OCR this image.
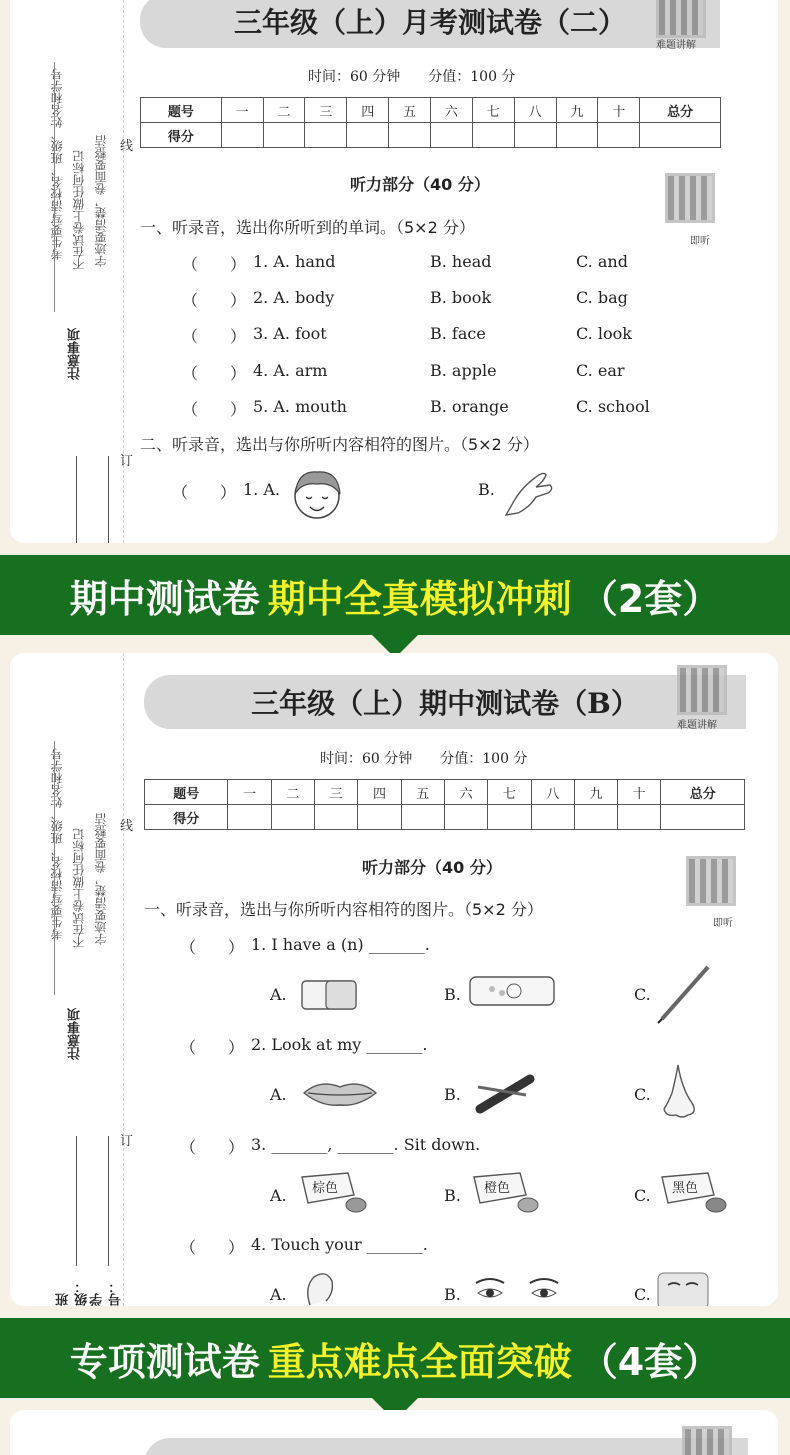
考生要写清校名、班级、姓名和学号 不在试卷上做任何标记 字迹要清楚，卷面要整洁
注意事项
线
订
三年级（上）月考测试卷（二）
难题讲解
时间：60 分钟　　分值：100 分
题号	一	二	三	四	五	六	七	八	九	十	总分
得分											
听力部分（40 分）
即听
一、听录音，选出你所听到的单词。（5×2 分）
（　　） 1. A. hand	B. head	C. and
（　　） 2. A. body	B. book	C. bag
（　　） 3. A. foot	B. face	C. look
（　　） 4. A. arm	B. apple	C. ear
（　　） 5. A. mouth	B. orange	C. school
二、听录音，选出与你所听内容相符的图片。（5×2 分）
（　　） 1. A.	B.
期中测试卷 期中全真模拟冲刺 （2套）
考生要写清校名、班级、姓名和学号 不在试卷上做任何标记 字迹要清楚，卷面要整洁
注意事项
班级： 学号：
线
订
三年级（上）期中测试卷（B）
难题讲解
时间：60 分钟　　分值：100 分
题号	一	二	三	四	五	六	七	八	九	十	总分
得分											
听力部分（40 分）
即听
一、听录音，选出与你所听内容相符的图片。（5×2 分）
（　　） 1. I have a (n) _______.
A.	B.	C.
（　　） 2. Look at my _______.
A.	B.	C.
（　　） 3. _______, _______. Sit down.
A. 棕色	B. 橙色	C. 黑色
（　　） 4. Touch your _______.
A.	B.	C.
专项测试卷 重点难点全面突破 （4套）
